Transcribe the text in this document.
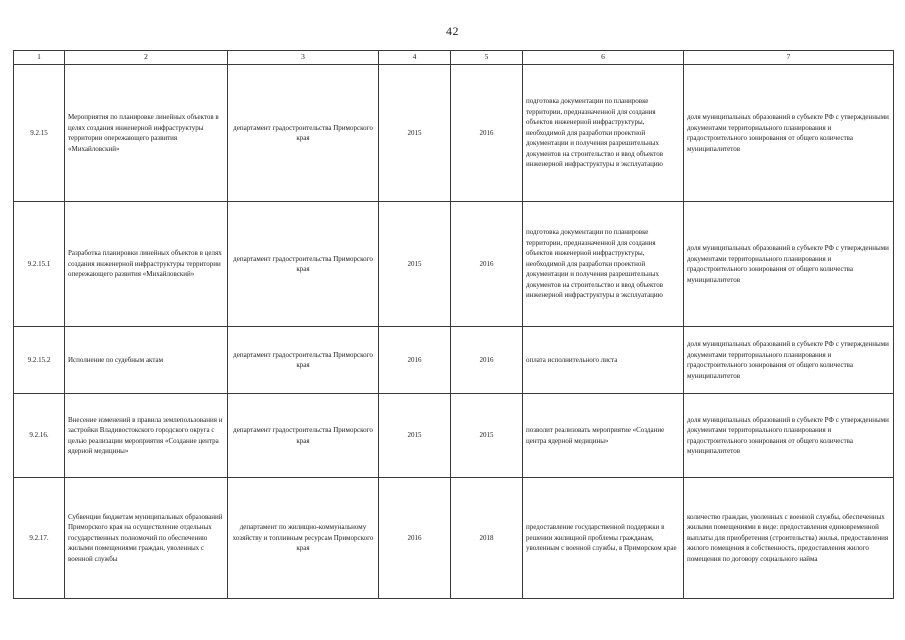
42
1	2	3	4	5	6	7
9.2.15	Мероприятия по планировке линейных объектов в целях создания инженерной инфраструктуры территории опережающего развития «Михайловский»	департамент градостроительства Приморского края	2015	2016	подготовка документации по планировке территории, предназначенной для создания объектов инженерной инфраструктуры, необходимой для разработки проектной документации и получения разрешительных документов на строительство и ввод объектов инженерной инфраструктуры в эксплуатацию	доля муниципальных образований в субъекте РФ с утвержденными документами территориального планирования и градостроительного зонирования от общего количества муниципалитетов
9.2.15.1	Разработка планировки линейных объектов в целях создания инженерной инфраструктуры территории опережающего развития «Михайловский»	департамент градостроительства Приморского края	2015	2016	подготовка документации по планировке территории, предназначенной для создания объектов инженерной инфраструктуры, необходимой для разработки проектной документации и получения разрешительных документов на строительство и ввод объектов инженерной инфраструктуры в эксплуатацию	доля муниципальных образований в субъекте РФ с утвержденными документами территориального планирования и градостроительного зонирования от общего количества муниципалитетов
9.2.15.2	Исполнение по судебным актам	департамент градостроительства Приморского края	2016	2016	оплата исполнительного листа	доля муниципальных образований в субъекте РФ с утвержденными документами территориального планирования и градостроительного зонирования от общего количества муниципалитетов
9.2.16.	Внесение изменений в правила землепользования и застройки Владивостокского городского округа с целью реализации мероприятия «Создание центра ядерной медицины»	департамент градостроительства Приморского края	2015	2015	позволит реализовать мероприятие «Создание центра ядерной медицины»	доля муниципальных образований в субъекте РФ с утвержденными документами территориального планирования и градостроительного зонирования от общего количества муниципалитетов
9.2.17.	Субвенции бюджетам муниципальных образований Приморского края на осуществление отдельных государственных полномочий по обеспечению жилыми помещениями граждан, уволенных с военной службы	департамент по жилищно-коммунальному хозяйству и топливным ресурсам Приморского края	2016	2018	предоставление государственной поддержки в решении жилищной проблемы гражданам, уволенным с военной службы, в Приморском крае	количество граждан, уволенных с военной службы, обеспеченных жилыми помещениями в виде: предоставления единовременной выплаты для приобретения (строительства) жилья, предоставления жилого помещения в собственность, предоставления жилого помещения по договору социального найма
